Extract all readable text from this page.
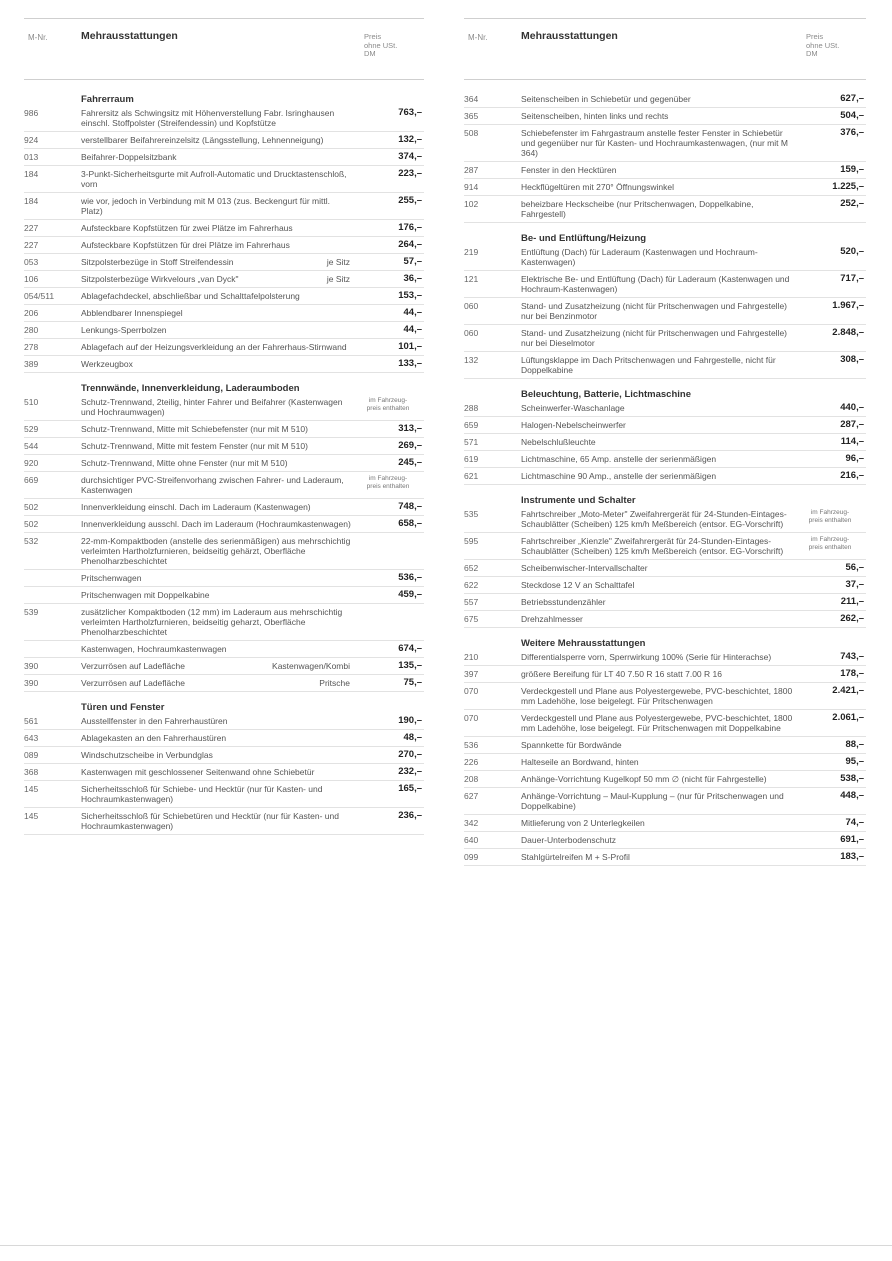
M-Nr.	Mehrausstattungen	Preis
ohne USt.
DM
Fahrerraum
986	Fahrersitz als Schwingsitz mit Höhenverstellung Fabr. Isringhausen einschl. Stoffpolster (Streifendessin) und Kopfstütze
763,–
924	verstellbarer Beifahrereinzelsitz (Längsstellung, Lehnenneigung)	132,–
013	Beifahrer-Doppelsitzbank	374,–
184	3-Punkt-Sicherheitsgurte mit Aufroll-Automatic und Drucktastenschloß, vorn
223,–
184	wie vor, jedoch in Verbindung mit M 013 (zus. Beckengurt für mittl. Platz)
255,–
227	Aufsteckbare Kopfstützen für zwei Plätze im Fahrerhaus	176,–
227	Aufsteckbare Kopfstützen für drei Plätze im Fahrerhaus	264,–
053	Sitzpolsterbezüge in Stoff Streifendessin	je Sitz	57,–
106	Sitzpolsterbezüge Wirkvelours „van Dyck"	je Sitz	36,–
054/511	Ablagefachdeckel, abschließbar und Schalttafelpolsterung	153,–
206	Abblendbarer Innenspiegel	44,–
280	Lenkungs-Sperrbolzen	44,–
278	Ablagefach auf der Heizungsverkleidung an der Fahrerhaus-Stirnwand	101,–
389	Werkzeugbox	133,–
Trennwände, Innenverkleidung, Laderaumboden
510	Schutz-Trennwand, 2teilig, hinter Fahrer und Beifahrer (Kastenwagen und Hochraumwagen)
im Fahrzeug-
preis enthalten
529	Schutz-Trennwand, Mitte mit Schiebefenster (nur mit M 510)	313,–
544	Schutz-Trennwand, Mitte mit festem Fenster (nur mit M 510)	269,–
920	Schutz-Trennwand, Mitte ohne Fenster (nur mit M 510)	245,–
669	durchsichtiger PVC-Streifenvorhang zwischen Fahrer- und Laderaum, Kastenwagen
im Fahrzeug-
preis enthalten
502	Innenverkleidung einschl. Dach im Laderaum (Kastenwagen)	748,–
502	Innenverkleidung ausschl. Dach im Laderaum (Hochraumkastenwagen)	658,–
532	22-mm-Kompaktboden (anstelle des serienmäßigen) aus mehrschichtig verleimten Hartholzfurnieren, beidseitig gehärzt, Oberfläche Phenolharzbeschichtet
Pritschenwagen	536,–
Pritschenwagen mit Doppelkabine	459,–
539	zusätzlicher Kompaktboden (12 mm) im Laderaum aus mehrschichtig verleimten Hartholzfurnieren, beidseitig geharzt, Oberfläche Phenolharzbeschichtet
Kastenwagen, Hochraumkastenwagen	674,–
390	Verzurrösen auf Ladefläche	Kastenwagen/Kombi	135,–
390	Verzurrösen auf Ladefläche	Pritsche	75,–
Türen und Fenster
561	Ausstellfenster in den Fahrerhaustüren	190,–
643	Ablagekasten an den Fahrerhaustüren	48,–
089	Windschutzscheibe in Verbundglas	270,–
368	Kastenwagen mit geschlossener Seitenwand ohne Schiebetür	232,–
145	Sicherheitsschloß für Schiebe- und Hecktür (nur für Kasten- und Hochraumkastenwagen)
165,–
145	Sicherheitsschloß für Schiebetüren und Hecktür (nur für Kasten- und Hochraumkastenwagen)
236,–
M-Nr.	Mehrausstattungen	Preis
ohne USt.
DM
364	Seitenscheiben in Schiebetür und gegenüber	627,–
365	Seitenscheiben, hinten links und rechts	504,–
508	Schiebefenster im Fahrgastraum anstelle fester Fenster in Schiebetür und gegenüber nur für Kasten- und Hochraumkastenwagen, (nur mit M 364)
376,–
287	Fenster in den Hecktüren	159,–
914	Heckflügeltüren mit 270° Öffnungswinkel	1.225,–
102	beheizbare Heckscheibe (nur Pritschenwagen, Doppelkabine, Fahrgestell)
252,–
Be- und Entlüftung/Heizung
219	Entlüftung (Dach) für Laderaum (Kastenwagen und Hochraum-Kastenwagen)
520,–
121	Elektrische Be- und Entlüftung (Dach) für Laderaum (Kastenwagen und Hochraum-Kastenwagen)
717,–
060	Stand- und Zusatzheizung (nicht für Pritschenwagen und Fahrgestelle) nur bei Benzinmotor
1.967,–
060	Stand- und Zusatzheizung (nicht für Pritschenwagen und Fahrgestelle) nur bei Dieselmotor
2.848,–
132	Lüftungsklappe im Dach Pritschenwagen und Fahrgestelle, nicht für Doppelkabine
308,–
Beleuchtung, Batterie, Lichtmaschine
288	Scheinwerfer-Waschanlage	440,–
659	Halogen-Nebelscheinwerfer	287,–
571	Nebelschlußleuchte	114,–
619	Lichtmaschine, 65 Amp. anstelle der serienmäßigen	96,–
621	Lichtmaschine 90 Amp., anstelle der serienmäßigen	216,–
Instrumente und Schalter
535	Fahrtschreiber „Moto-Meter" Zweifahrergerät für 24-Stunden-Eintages-Schaublätter (Scheiben) 125 km/h Meßbereich (entsor. EG-Vorschrift)
im Fahrzeug-
preis enthalten
595	Fahrtschreiber „Kienzle" Zweifahrergerät für 24-Stunden-Eintages-Schaublätter (Scheiben) 125 km/h Meßbereich (entsor. EG-Vorschrift)
im Fahrzeug-
preis enthalten
652	Scheibenwischer-Intervallschalter	56,–
622	Steckdose 12 V an Schalttafel	37,–
557	Betriebsstundenzähler	211,–
675	Drehzahlmesser	262,–
Weitere Mehrausstattungen
210	Differentialsperre vorn, Sperrwirkung 100% (Serie für Hinterachse)	743,–
397	größere Bereifung für LT 40 7.50 R 16 statt 7.00 R 16	178,–
070	Verdeckgestell und Plane aus Polyestergewebe, PVC-beschichtet, 1800 mm Ladehöhe, lose beigelegt. Für Pritschenwagen
2.421,–
070	Verdeckgestell und Plane aus Polyestergewebe, PVC-beschichtet, 1800 mm Ladehöhe, lose beigelegt. Für Pritschenwagen mit Doppelkabine
2.061,–
536	Spannkette für Bordwände	88,–
226	Halteseile an Bordwand, hinten	95,–
208	Anhänge-Vorrichtung Kugelkopf 50 mm ∅ (nicht für Fahrgestelle)	538,–
627	Anhänge-Vorrichtung – Maul-Kupplung – (nur für Pritschenwagen und Doppelkabine)
448,–
342	Mitlieferung von 2 Unterlegkeilen	74,–
640	Dauer-Unterbodenschutz	691,–
099	Stahlgürtelreifen M + S-Profil	183,–
